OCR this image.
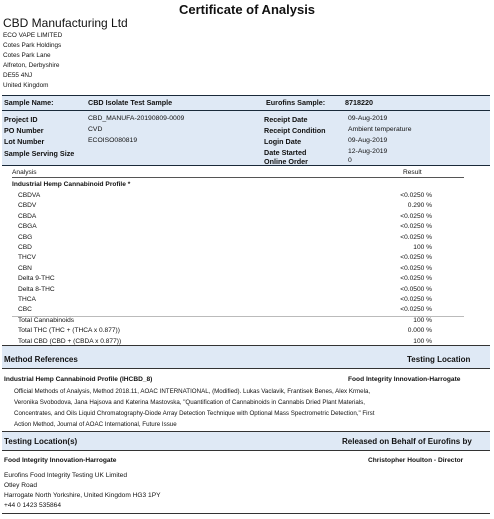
Certificate of Analysis
CBD Manufacturing Ltd
ECO VAPE LIMITED
Cotes Park Holdings
Cotes Park Lane
Alfreton, Derbyshire
DE55 4NJ
United Kingdom
Sample Name:	CBD Isolate Test Sample	Eurofins Sample:	8718220
Project ID	CBD_MANUFA-20190809-0009
PO Number	CVD
Lot Number	ECOISO080819
Sample Serving Size
Receipt Date	09-Aug-2019
Receipt Condition	Ambient temperature
Login Date	09-Aug-2019
Date Started	12-Aug-2019
Online Order	0
Analysis	Result
Industrial Hemp Cannabinoid Profile *
CBDVA	<0.0250 %
CBDV	0.290 %
CBDA	<0.0250 %
CBGA	<0.0250 %
CBG	<0.0250 %
CBD	100 %
THCV	<0.0250 %
CBN	<0.0250 %
Delta 9-THC	<0.0250 %
Delta 8-THC	<0.0500 %
THCA	<0.0250 %
CBC	<0.0250 %
Total Cannabinoids	100 %
Total THC (THC + (THCA x 0.877))	0.000 %
Total CBD (CBD + (CBDA x 0.877))	100 %
Method References	Testing Location
Industrial Hemp Cannabinoid Profile (IHCBD_8)	Food Integrity Innovation-Harrogate
Official Methods of Analysis, Method 2018.11, AOAC INTERNATIONAL, (Modified). Lukas Vaclavik, Frantisek Benes, Alex Krmela,
Veronika Svobodova, Jana Hajsova and Katerina Mastovska, "Quantification of Cannabinoids in Cannabis Dried Plant Materials,
Concentrates, and Oils Liquid Chromatography-Diode Array Detection Technique with Optional Mass Spectrometric Detection," First
Action Method, Journal of AOAC International, Future Issue
Testing Location(s)	Released on Behalf of Eurofins by
Food Integrity Innovation-Harrogate	Christopher Houlton - Director
Eurofins Food Integrity Testing UK Limited
Otley Road
Harrogate North Yorkshire, United Kingdom HG3 1PY
+44 0 1423 535864
